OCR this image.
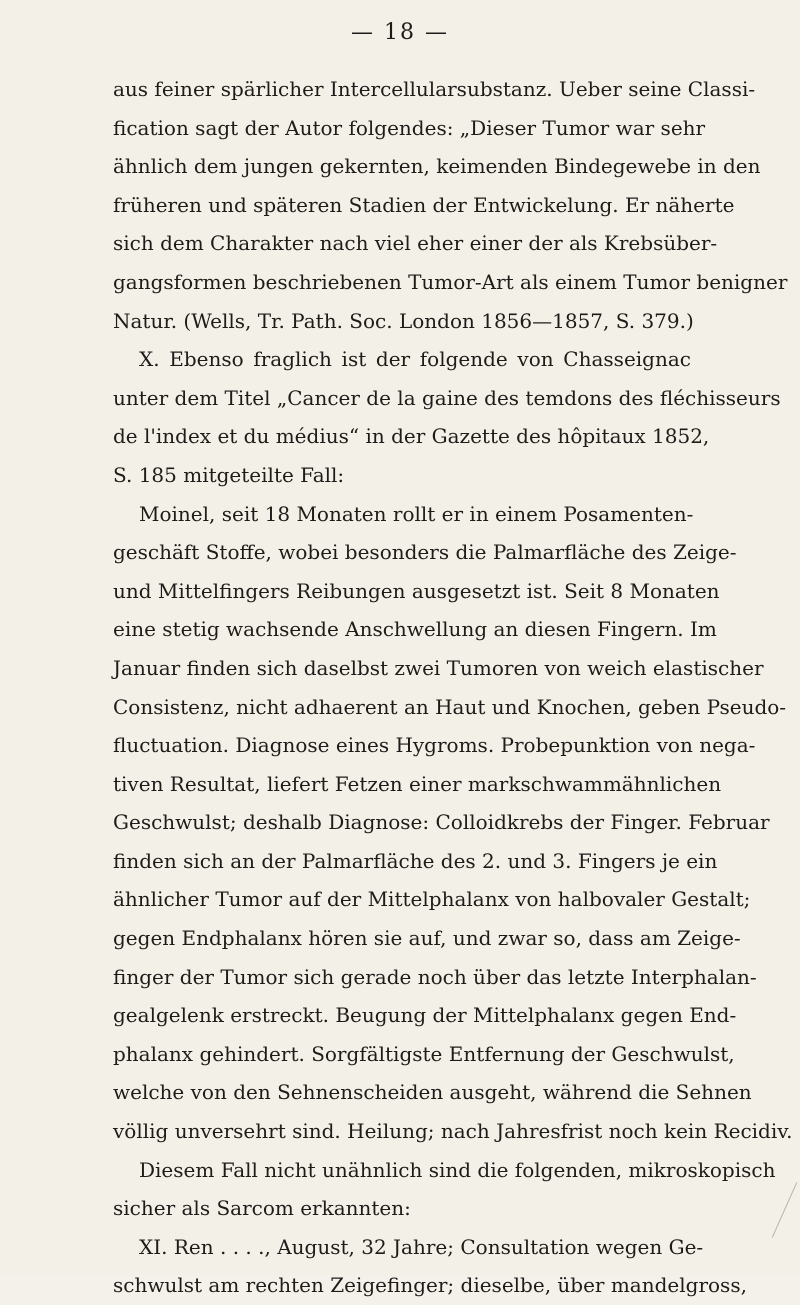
— 18 —
aus feiner spärlicher Intercellularsubstanz. Ueber seine Classi-
fication sagt der Autor folgendes: „Dieser Tumor war sehr
ähnlich dem jungen gekernten, keimenden Bindegewebe in den
früheren und späteren Stadien der Entwickelung. Er näherte
sich dem Charakter nach viel eher einer der als Krebsüber-
gangsformen beschriebenen Tumor-Art als einem Tumor benigner
Natur. (Wells, Tr. Path. Soc. London 1856—1857, S. 379.)
X. Ebenso fraglich ist der folgende von Chasseignac
unter dem Titel „Cancer de la gaine des temdons des fléchisseurs
de l'index et du médius“ in der Gazette des hôpitaux 1852,
S. 185 mitgeteilte Fall:
Moinel, seit 18 Monaten rollt er in einem Posamenten-
geschäft Stoffe, wobei besonders die Palmarfläche des Zeige-
und Mittelfingers Reibungen ausgesetzt ist. Seit 8 Monaten
eine stetig wachsende Anschwellung an diesen Fingern. Im
Januar finden sich daselbst zwei Tumoren von weich elastischer
Consistenz, nicht adhaerent an Haut und Knochen, geben Pseudo-
fluctuation. Diagnose eines Hygroms. Probepunktion von nega-
tiven Resultat, liefert Fetzen einer markschwammähnlichen
Geschwulst; deshalb Diagnose: Colloidkrebs der Finger. Februar
finden sich an der Palmarfläche des 2. und 3. Fingers je ein
ähnlicher Tumor auf der Mittelphalanx von halbovaler Gestalt;
gegen Endphalanx hören sie auf, und zwar so, dass am Zeige-
finger der Tumor sich gerade noch über das letzte Interphalan-
gealgelenk erstreckt. Beugung der Mittelphalanx gegen End-
phalanx gehindert. Sorgfältigste Entfernung der Geschwulst,
welche von den Sehnenscheiden ausgeht, während die Sehnen
völlig unversehrt sind. Heilung; nach Jahresfrist noch kein Recidiv.
Diesem Fall nicht unähnlich sind die folgenden, mikroskopisch
sicher als Sarcom erkannten:
XI. Ren . . . ., August, 32 Jahre; Consultation wegen Ge-
schwulst am rechten Zeigefinger; dieselbe, über mandelgross,
